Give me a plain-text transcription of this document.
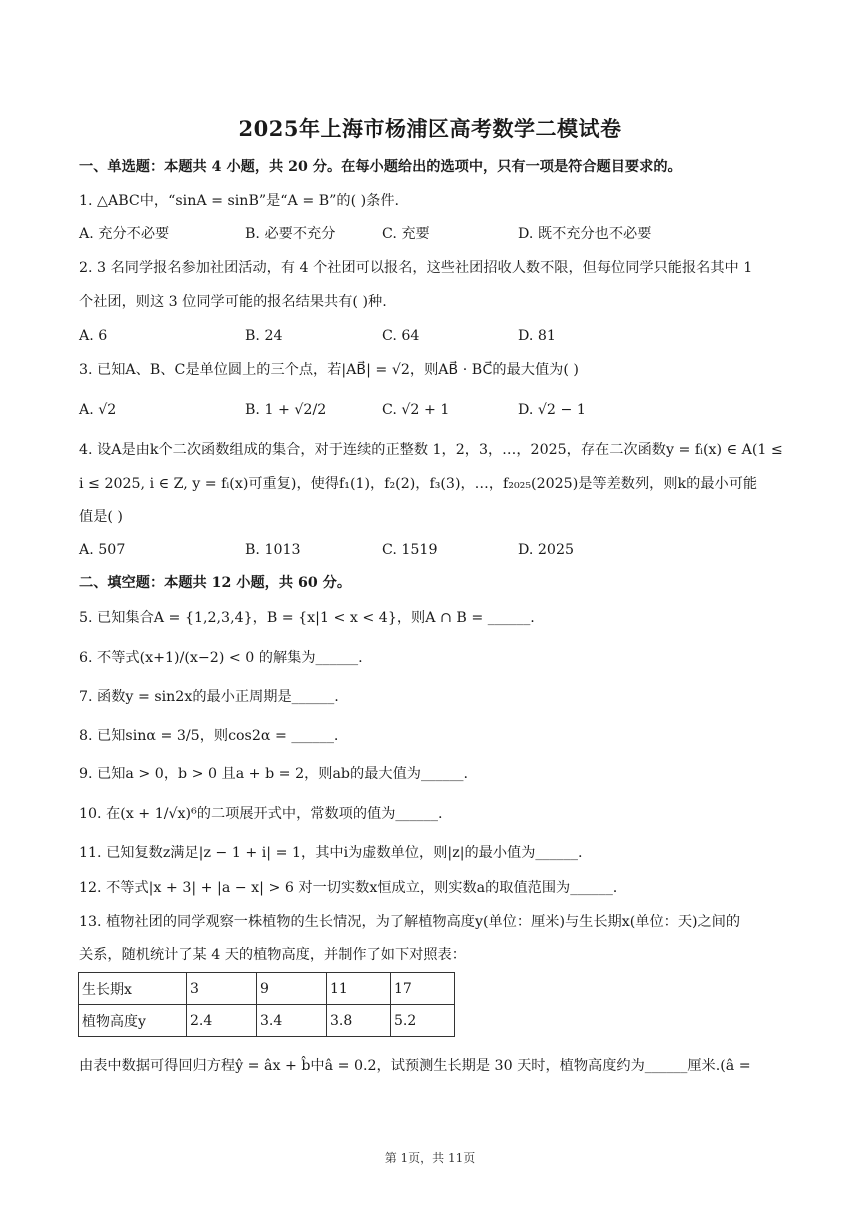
2025年上海市杨浦区高考数学二模试卷
一、单选题：本题共 4 小题，共 20 分。在每小题给出的选项中，只有一项是符合题目要求的。
1. △ABC中，“sinA = sinB”是“A = B”的( )条件.
A. 充分不必要	B. 必要不充分	C. 充要	D. 既不充分也不必要
2. 3 名同学报名参加社团活动，有 4 个社团可以报名，这些社团招收人数不限，但每位同学只能报名其中 1
个社团，则这 3 位同学可能的报名结果共有( )种.
A. 6	B. 24	C. 64	D. 81
3. 已知A、B、C是单位圆上的三个点，若|AB⃗| = √2，则AB⃗ · BC⃗的最大值为( )
A. √2	B. 1 + √2/2	C. √2 + 1	D. √2 − 1
4. 设A是由k个二次函数组成的集合，对于连续的正整数 1，2，3，…，2025，存在二次函数y = fᵢ(x) ∈ A(1 ≤
i ≤ 2025, i ∈ Z, y = fᵢ(x)可重复)，使得f₁(1)，f₂(2)，f₃(3)，…，f₂₀₂₅(2025)是等差数列，则k的最小可能
值是( )
A. 507	B. 1013	C. 1519	D. 2025
二、填空题：本题共 12 小题，共 60 分。
5. 已知集合A = {1,2,3,4}，B = {x|1 < x < 4}，则A ∩ B = ______.
6. 不等式(x+1)/(x−2) < 0 的解集为______.
7. 函数y = sin2x的最小正周期是______.
8. 已知sinα = 3/5，则cos2α = ______.
9. 已知a > 0，b > 0 且a + b = 2，则ab的最大值为______.
10. 在(x + 1/√x)⁶的二项展开式中，常数项的值为______.
11. 已知复数z满足|z − 1 + i| = 1，其中i为虚数单位，则|z|的最小值为______.
12. 不等式|x + 3| + |a − x| > 6 对一切实数x恒成立，则实数a的取值范围为______.
13. 植物社团的同学观察一株植物的生长情况，为了解植物高度y(单位：厘米)与生长期x(单位：天)之间的
关系，随机统计了某 4 天的植物高度，并制作了如下对照表：
生长期x	3	9	11	17
植物高度y	2.4	3.4	3.8	5.2
由表中数据可得回归方程ŷ = âx + b̂中â = 0.2，试预测生长期是 30 天时，植物高度约为______厘米.(â =
第 1页，共 11页
